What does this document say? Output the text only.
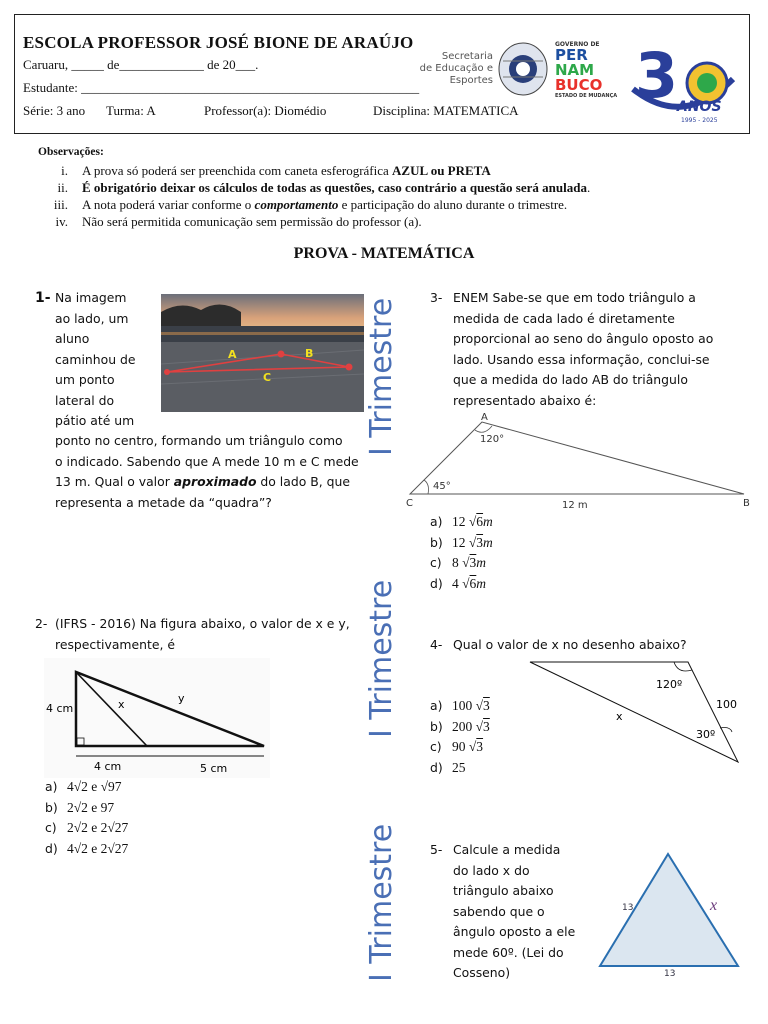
ESCOLA PROFESSOR JOSÉ BIONE DE ARAÚJO
Caruaru, _____ de_____________ de 20___.
Estudante: ____________________________________________________
Série: 3 ano Turma: A	Professor(a): Diomédio	Disciplina: MATEMATICA
Secretaria
de Educação e
Esportes
GOVERNO DE
PER
NAM
BUCO
ESTADO DE MUDANÇA 3
ANOS
1995 - 2025
Observações:
i.	A prova só poderá ser preenchida com caneta esferográfica AZUL ou PRETA
ii.	É obrigatório deixar os cálculos de todas as questões, caso contrário a questão será anulada.
iii.	A nota poderá variar conforme o comportamento e participação do aluno durante o trimestre.
iv.	Não será permitida comunicação sem permissão do professor (a).
PROVA - MATEMÁTICA
I Trimestre
I Trimestre
I Trimestre
1- Na imagem
ao lado, um
aluno
caminhou de
um ponto
lateral do
pátio até um
ponto no centro, formando um triângulo como
o indicado. Sabendo que A mede 10 m e C mede
13 m. Qual o valor aproximado do lado B, que
representa a metade da “quadra”?
A	B
C
2- (IFRS - 2016) Na figura abaixo, o valor de x e y,
respectivamente, é
4 cm	x	y
4 cm	5 cm
a) 4√2 e √97
b) 2√2 e 97
c) 2√2 e 2√27
d) 4√2 e 2√27
3- ENEM Sabe-se que em todo triângulo a
medida de cada lado é diretamente
proporcional ao seno do ângulo oposto ao
lado. Usando essa informação, conclui-se
que a medida do lado AB do triângulo
representado abaixo é:
A
C	B
120°
45°
12 m
a) 12 √6m
b) 12 √3m
c) 8 √3m
d) 4 √6m
4- Qual o valor de x no desenho abaixo?
120º
30º
100
x
a) 100 √3
b) 200 √3
c) 90 √3
d) 25
5- Calcule a medida
do lado x do
triângulo abaixo
sabendo que o
ângulo oposto a ele
mede 60º. (Lei do
Cosseno)
13
13
x
